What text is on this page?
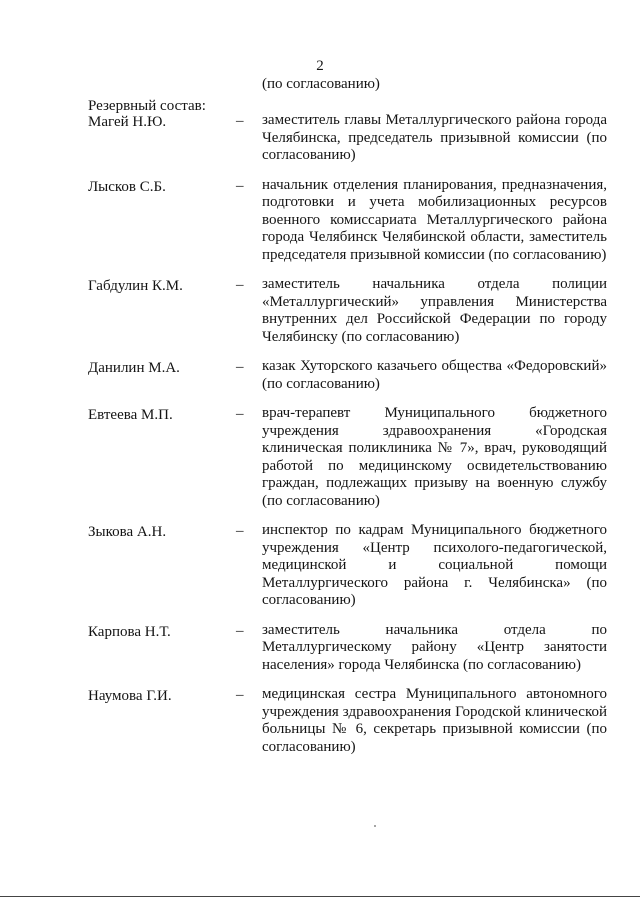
2
(по согласованию)
Резервный состав:
Магей Н.Ю.	– заместитель главы Металлургического района города Челябинска, председатель призывной комиссии (по согласованию)
Лысков С.Б.	– начальник отделения планирования, предназначения, подготовки и учета мобилизационных ресурсов военного комиссариата Металлургического района города Челябинск Челябинской области, заместитель председателя призывной комиссии (по согласованию)
Габдулин К.М.	– заместитель начальника отдела полиции «Металлургический» управления Министерства внутренних дел Российской Федерации по городу Челябинску (по согласованию)
Данилин М.А.	– казак Хуторского казачьего общества «Федоровский» (по согласованию)
Евтеева М.П.	– врач-терапевт Муниципального бюджетного учреждения здравоохранения «Городская клиническая поликлиника № 7», врач, руководящий работой по медицинскому освидетельствованию граждан, подлежащих призыву на военную службу (по согласованию)
Зыкова А.Н.	– инспектор по кадрам Муниципального бюджетного учреждения «Центр психолого-педагогической, медицинской и социальной помощи Металлургического района г. Челябинска» (по согласованию)
Карпова Н.Т.	– заместитель начальника отдела по Металлургическому району «Центр занятости населения» города Челябинска (по согласованию)
Наумова Г.И.	– медицинская сестра Муниципального автономного учреждения здравоохранения Городской клинической больницы № 6, секретарь призывной комиссии (по согласованию)
